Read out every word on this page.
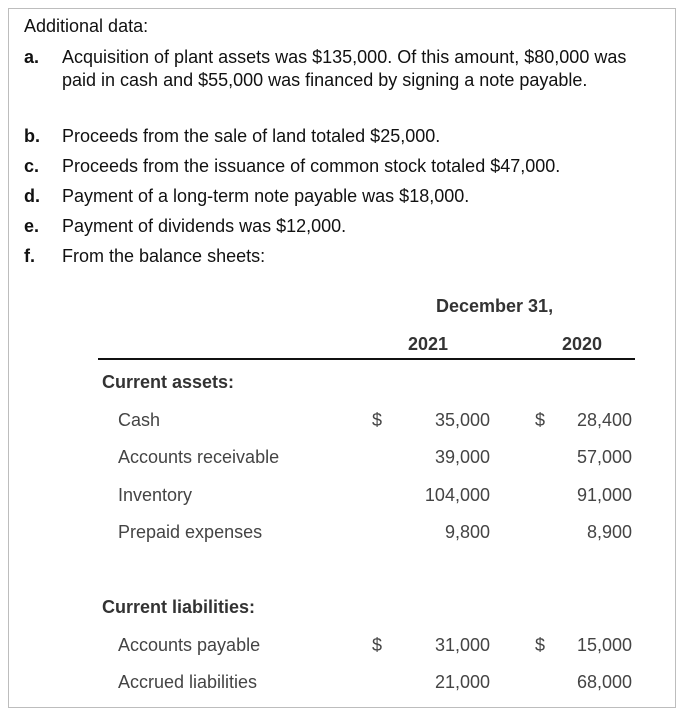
Additional data:
a.	Acquisition of plant assets was $135,000. Of this amount, $80,000 was paid in cash and $55,000 was financed by signing a note payable.
b.	Proceeds from the sale of land totaled $25,000.
c.	Proceeds from the issuance of common stock totaled $47,000.
d.	Payment of a long-term note payable was $18,000.
e.	Payment of dividends was $12,000.
f.	From the balance sheets:
December 31,
2021	2020
Current assets:
Cash	$	35,000	$	28,400
Accounts receivable	39,000	57,000
Inventory	104,000	91,000
Prepaid expenses	9,800	8,900
Current liabilities:
Accounts payable	$	31,000	$	15,000
Accrued liabilities	21,000	68,000
